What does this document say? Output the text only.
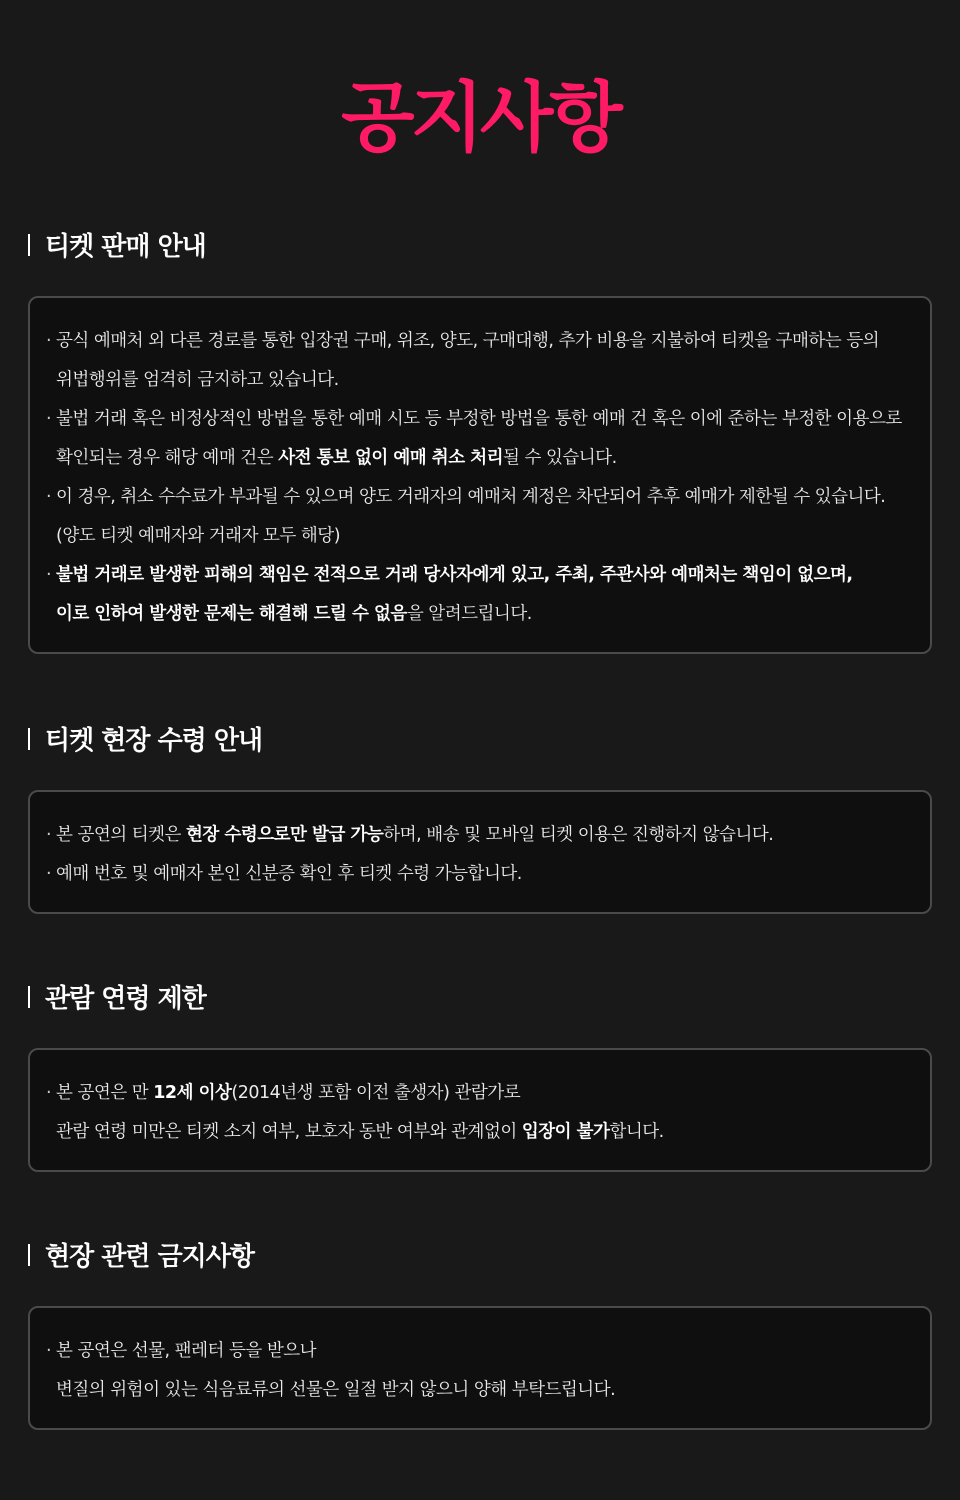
공지사항
티켓 판매 안내
· 공식 예매처 외 다른 경로를 통한 입장권 구매, 위조, 양도, 구매대행, 추가 비용을 지불하여 티켓을 구매하는 등의
위법행위를 엄격히 금지하고 있습니다.
· 불법 거래 혹은 비정상적인 방법을 통한 예매 시도 등 부정한 방법을 통한 예매 건 혹은 이에 준하는 부정한 이용으로
확인되는 경우 해당 예매 건은 사전 통보 없이 예매 취소 처리될 수 있습니다.
· 이 경우, 취소 수수료가 부과될 수 있으며 양도 거래자의 예매처 계정은 차단되어 추후 예매가 제한될 수 있습니다.
(양도 티켓 예매자와 거래자 모두 해당)
· 불법 거래로 발생한 피해의 책임은 전적으로 거래 당사자에게 있고, 주최, 주관사와 예매처는 책임이 없으며,
이로 인하여 발생한 문제는 해결해 드릴 수 없음을 알려드립니다.
티켓 현장 수령 안내
· 본 공연의 티켓은 현장 수령으로만 발급 가능하며, 배송 및 모바일 티켓 이용은 진행하지 않습니다.
· 예매 번호 및 예매자 본인 신분증 확인 후 티켓 수령 가능합니다.
관람 연령 제한
· 본 공연은 만 12세 이상(2014년생 포함 이전 출생자) 관람가로
관람 연령 미만은 티켓 소지 여부, 보호자 동반 여부와 관계없이 입장이 불가합니다.
현장 관련 금지사항
· 본 공연은 선물, 팬레터 등을 받으나
변질의 위험이 있는 식음료류의 선물은 일절 받지 않으니 양해 부탁드립니다.
